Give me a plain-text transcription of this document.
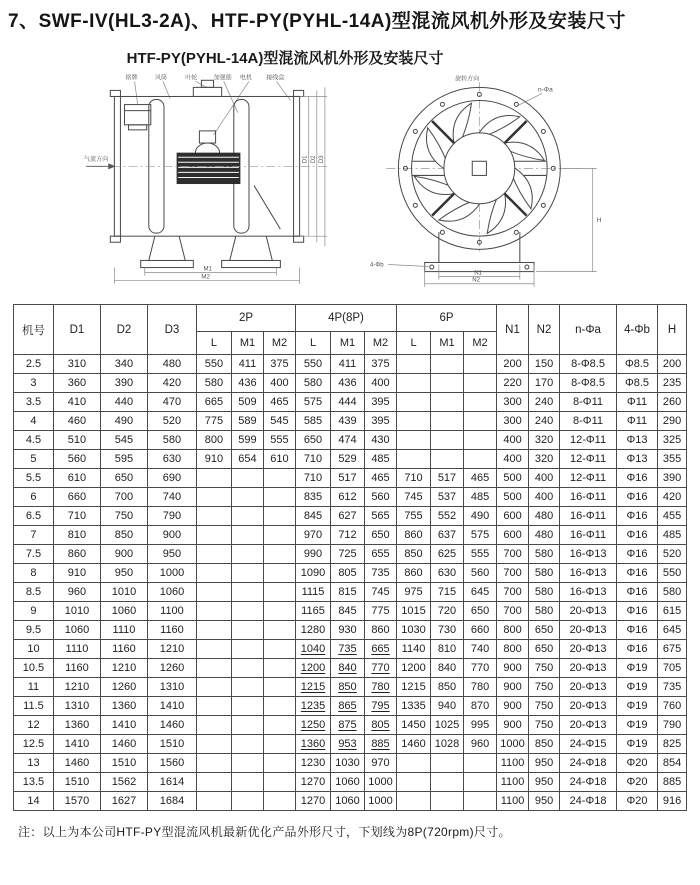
7、SWF-IV(HL3-2A)、HTF-PY(PYHL-14A)型混流风机外形及安装尺寸
HTF-PY(PYHL-14A)型混流风机外形及安装尺寸
铭牌	风筒	叶轮	加强筋 电机 接线盒
气流方向
M1
M2
D1 D2 D3
旋转方向
n-Φa
H
N1
N2
4-Φb
机号	D1	D2	D3	2P			4P(8P)			6P			N1	N2	n-Φa	4-Φb	H
				L	M1	M2	L	M1	M2	L	M1	M2					
2.5	310	340	480	550	411	375	550	411	375				200	150	8-Φ8.5	Φ8.5	200
3	360	390	420	580	436	400	580	436	400				220	170	8-Φ8.5	Φ8.5	235
3.5	410	440	470	665	509	465	575	444	395				300	240	8-Φ11	Φ11	260
4	460	490	520	775	589	545	585	439	395				300	240	8-Φ11	Φ11	290
4.5	510	545	580	800	599	555	650	474	430				400	320	12-Φ11	Φ13	325
5	560	595	630	910	654	610	710	529	485				400	320	12-Φ11	Φ13	355
5.5	610	650	690				710	517	465	710	517	465	500	400	12-Φ11	Φ16	390
6	660	700	740				835	612	560	745	537	485	500	400	16-Φ11	Φ16	420
6.5	710	750	790				845	627	565	755	552	490	600	480	16-Φ11	Φ16	455
7	810	850	900				970	712	650	860	637	575	600	480	16-Φ11	Φ16	485
7.5	860	900	950				990	725	655	850	625	555	700	580	16-Φ13	Φ16	520
8	910	950	1000				1090	805	735	860	630	560	700	580	16-Φ13	Φ16	550
8.5	960	1010	1060				1115	815	745	975	715	645	700	580	16-Φ13	Φ16	580
9	1010	1060	1100				1165	845	775	1015	720	650	700	580	20-Φ13	Φ16	615
9.5	1060	1110	1160				1280	930	860	1030	730	660	800	650	20-Φ13	Φ16	645
10	1110	1160	1210				1040	735	665	1140	810	740	800	650	20-Φ13	Φ16	675
10.5	1160	1210	1260				1200	840	770	1200	840	770	900	750	20-Φ13	Φ19	705
11	1210	1260	1310				1215	850	780	1215	850	780	900	750	20-Φ13	Φ19	735
11.5	1310	1360	1410				1235	865	795	1335	940	870	900	750	20-Φ13	Φ19	760
12	1360	1410	1460				1250	875	805	1450	1025	995	900	750	20-Φ13	Φ19	790
12.5	1410	1460	1510				1360	953	885	1460	1028	960	1000	850	24-Φ15	Φ19	825
13	1460	1510	1560				1230	1030	970				1100	950	24-Φ18	Φ20	854
13.5	1510	1562	1614				1270	1060	1000				1100	950	24-Φ18	Φ20	885
14	1570	1627	1684				1270	1060	1000				1100	950	24-Φ18	Φ20	916

注：以上为本公司HTF-PY型混流风机最新优化产品外形尺寸，下划线为8P(720rpm)尺寸。
